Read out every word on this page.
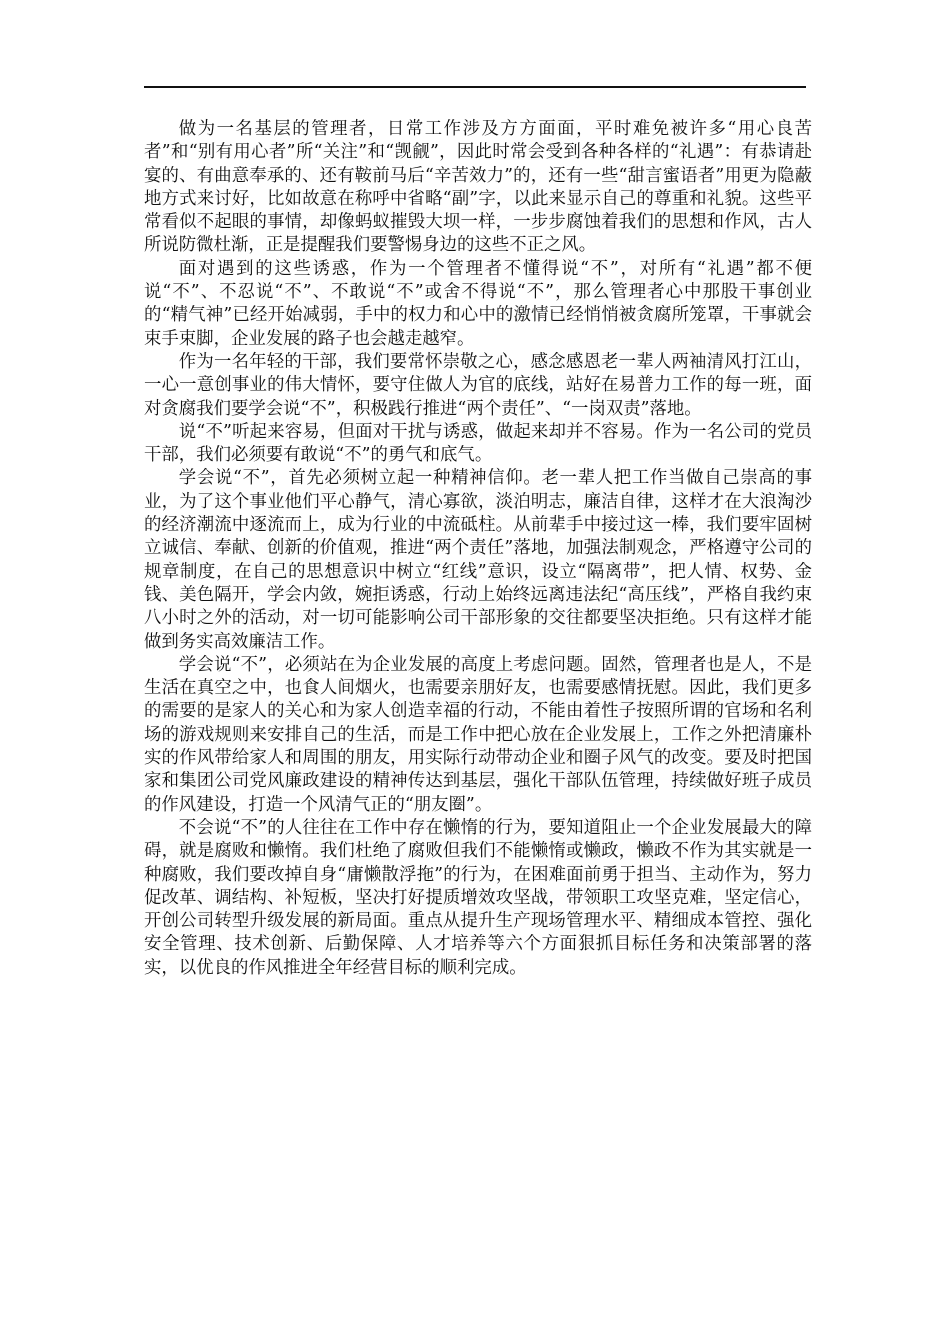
做为一名基层的管理者，日常工作涉及方方面面，平时难免被许多“用心良苦者”和“别有用心者”所“关注”和“觊觎”，因此时常会受到各种各样的“礼遇”：有恭请赴宴的、有曲意奉承的、还有鞍前马后“辛苦效力”的，还有一些“甜言蜜语者”用更为隐蔽地方式来讨好，比如故意在称呼中省略“副”字，以此来显示自己的尊重和礼貌。这些平常看似不起眼的事情，却像蚂蚁摧毁大坝一样，一步步腐蚀着我们的思想和作风，古人所说防微杜渐，正是提醒我们要警惕身边的这些不正之风。

面对遇到的这些诱惑，作为一个管理者不懂得说“不”，对所有“礼遇”都不便说“不”、不忍说“不”、不敢说“不”或舍不得说“不”，那么管理者心中那股干事创业的“精气神”已经开始减弱，手中的权力和心中的激情已经悄悄被贪腐所笼罩，干事就会束手束脚，企业发展的路子也会越走越窄。

作为一名年轻的干部，我们要常怀崇敬之心，感念感恩老一辈人两袖清风打江山，一心一意创事业的伟大情怀，要守住做人为官的底线，站好在易普力工作的每一班，面对贪腐我们要学会说“不”，积极践行推进“两个责任”、“一岗双责”落地。

说“不”听起来容易，但面对干扰与诱惑，做起来却并不容易。作为一名公司的党员干部，我们必须要有敢说“不”的勇气和底气。

学会说“不”，首先必须树立起一种精神信仰。老一辈人把工作当做自己崇高的事业，为了这个事业他们平心静气，清心寡欲，淡泊明志，廉洁自律，这样才在大浪淘沙的经济潮流中逐流而上，成为行业的中流砥柱。从前辈手中接过这一棒，我们要牢固树立诚信、奉献、创新的价值观，推进“两个责任”落地，加强法制观念，严格遵守公司的规章制度，在自己的思想意识中树立“红线”意识，设立“隔离带”，把人情、权势、金钱、美色隔开，学会内敛，婉拒诱惑，行动上始终远离违法纪“高压线”，严格自我约束八小时之外的活动，对一切可能影响公司干部形象的交往都要坚决拒绝。只有这样才能做到务实高效廉洁工作。

学会说“不”，必须站在为企业发展的高度上考虑问题。固然，管理者也是人，不是生活在真空之中，也食人间烟火，也需要亲朋好友，也需要感情抚慰。因此，我们更多的需要的是家人的关心和为家人创造幸福的行动，不能由着性子按照所谓的官场和名利场的游戏规则来安排自己的生活，而是工作中把心放在企业发展上，工作之外把清廉朴实的作风带给家人和周围的朋友，用实际行动带动企业和圈子风气的改变。要及时把国家和集团公司党风廉政建设的精神传达到基层，强化干部队伍管理，持续做好班子成员的作风建设，打造一个风清气正的“朋友圈”。

不会说“不”的人往往在工作中存在懒惰的行为，要知道阻止一个企业发展最大的障碍，就是腐败和懒惰。我们杜绝了腐败但我们不能懒惰或懒政，懒政不作为其实就是一种腐败，我们要改掉自身“庸懒散浮拖”的行为，在困难面前勇于担当、主动作为，努力促改革、调结构、补短板，坚决打好提质增效攻坚战，带领职工攻坚克难，坚定信心，开创公司转型升级发展的新局面。重点从提升生产现场管理水平、精细成本管控、强化安全管理、技术创新、后勤保障、人才培养等六个方面狠抓目标任务和决策部署的落实，以优良的作风推进全年经营目标的顺利完成。
